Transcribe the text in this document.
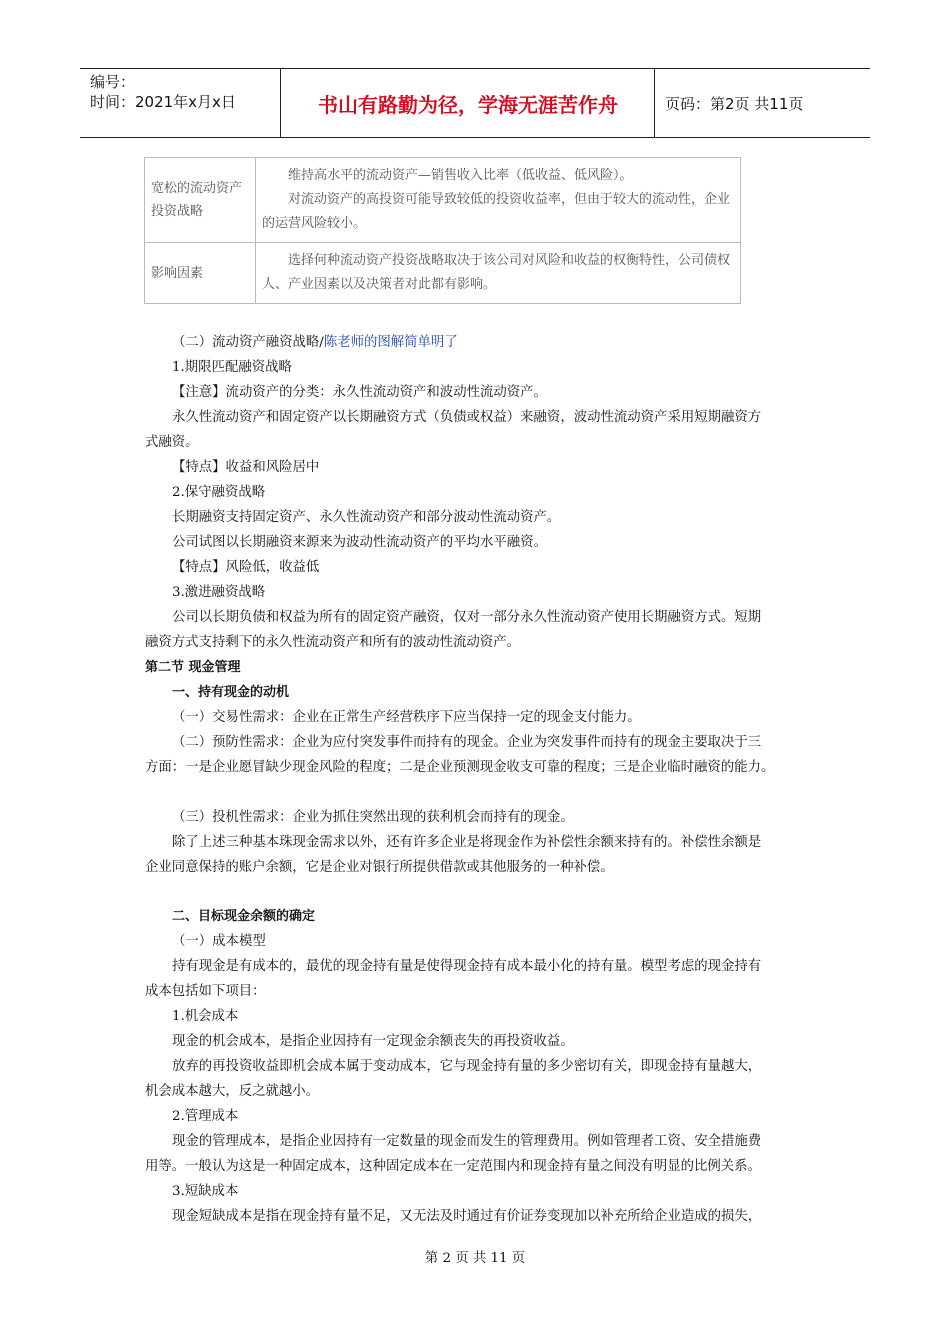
编号：
时间：2021年x月x日	书山有路勤为径，学海无涯苦作舟	页码：第2页 共11页
宽松的流动资产投资战略	维持高水平的流动资产—销售收入比率（低收益、低风险）。

对流动资产的高投资可能导致较低的投资收益率，但由于较大的流动性，企业的运营风险较小。

影响因素	选择何种流动资产投资战略取决于该公司对风险和收益的权衡特性，公司债权人、产业因素以及决策者对此都有影响。

（二）流动资产融资战略/陈老师的图解简单明了
1.期限匹配融资战略
【注意】流动资产的分类：永久性流动资产和波动性流动资产。
永久性流动资产和固定资产以长期融资方式（负债或权益）来融资，波动性流动资产采用短期融资方
式融资。
【特点】收益和风险居中
2.保守融资战略
长期融资支持固定资产、永久性流动资产和部分波动性流动资产。
公司试图以长期融资来源来为波动性流动资产的平均水平融资。
【特点】风险低，收益低
3.激进融资战略
公司以长期负债和权益为所有的固定资产融资，仅对一部分永久性流动资产使用长期融资方式。短期
融资方式支持剩下的永久性流动资产和所有的波动性流动资产。
第二节 现金管理
一、持有现金的动机
（一）交易性需求：企业在正常生产经营秩序下应当保持一定的现金支付能力。
（二）预防性需求：企业为应付突发事件而持有的现金。企业为突发事件而持有的现金主要取决于三
方面：一是企业愿冒缺少现金风险的程度；二是企业预测现金收支可靠的程度；三是企业临时融资的能力。
（三）投机性需求：企业为抓住突然出现的获利机会而持有的现金。
除了上述三种基本珠现金需求以外，还有许多企业是将现金作为补偿性余额来持有的。补偿性余额是
企业同意保持的账户余额，它是企业对银行所提供借款或其他服务的一种补偿。
二、目标现金余额的确定
（一）成本模型
持有现金是有成本的，最优的现金持有量是使得现金持有成本最小化的持有量。模型考虑的现金持有
成本包括如下项目：
1.机会成本
现金的机会成本，是指企业因持有一定现金余额丧失的再投资收益。
放弃的再投资收益即机会成本属于变动成本，它与现金持有量的多少密切有关，即现金持有量越大，
机会成本越大，反之就越小。
2.管理成本
现金的管理成本，是指企业因持有一定数量的现金而发生的管理费用。例如管理者工资、安全措施费
用等。一般认为这是一种固定成本，这种固定成本在一定范围内和现金持有量之间没有明显的比例关系。
3.短缺成本
现金短缺成本是指在现金持有量不足，又无法及时通过有价证券变现加以补充所给企业造成的损失，
第 2 页 共 11 页
